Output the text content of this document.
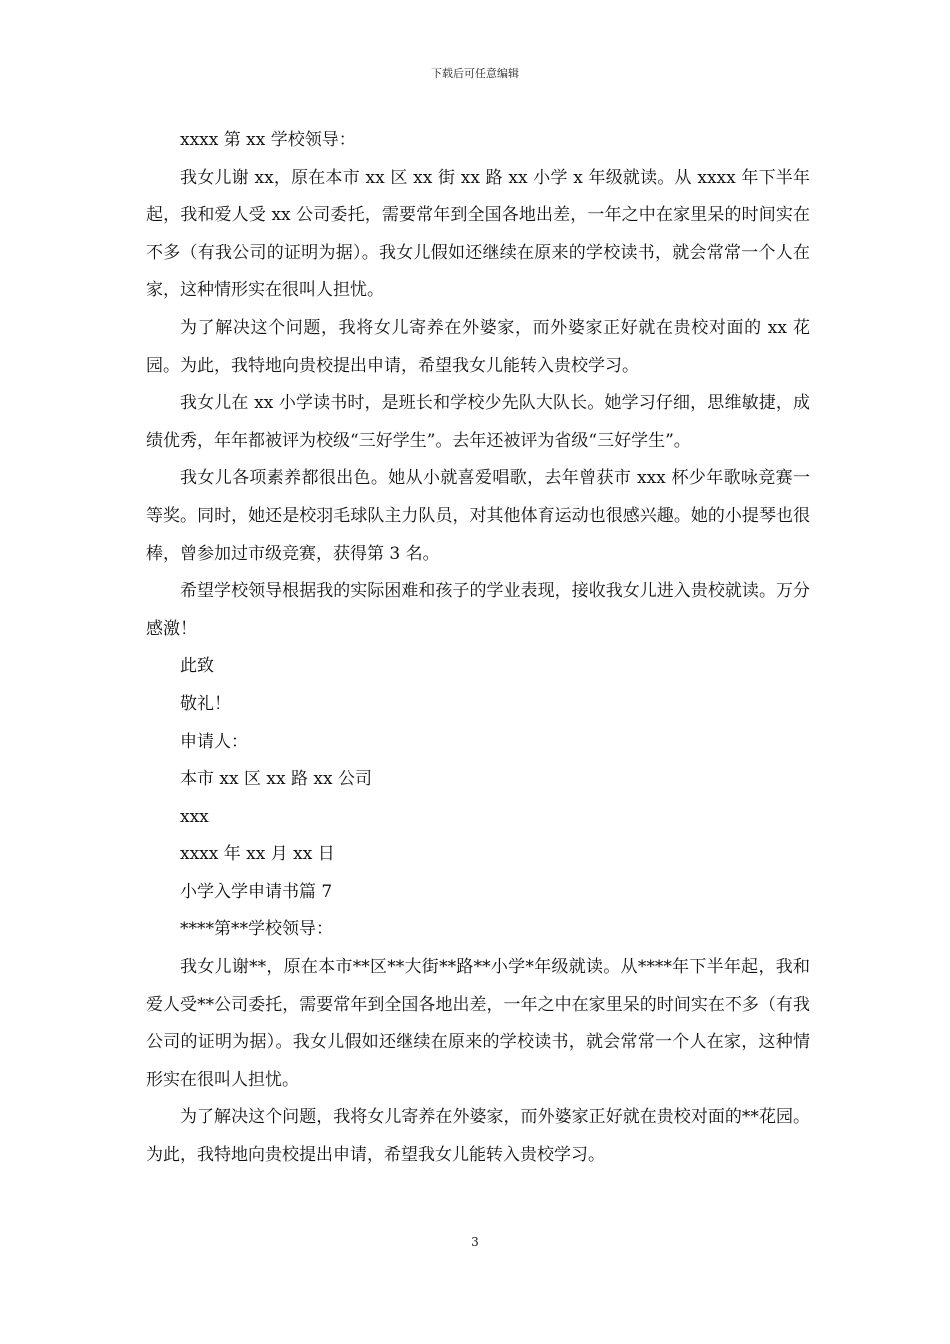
下载后可任意编辑

xxxx 第 xx 学校领导：

我女儿谢 xx，原在本市 xx 区 xx 街 xx 路 xx 小学 x 年级就读。从 xxxx 年下半年起，我和爱人受 xx 公司委托，需要常年到全国各地出差，一年之中在家里呆的时间实在不多（有我公司的证明为据）。我女儿假如还继续在原来的学校读书，就会常常一个人在家，这种情形实在很叫人担忧。

为了解决这个问题，我将女儿寄养在外婆家，而外婆家正好就在贵校对面的 xx 花园。为此，我特地向贵校提出申请，希望我女儿能转入贵校学习。

我女儿在 xx 小学读书时，是班长和学校少先队大队长。她学习仔细，思维敏捷，成绩优秀，年年都被评为校级“三好学生”。去年还被评为省级“三好学生”。

我女儿各项素养都很出色。她从小就喜爱唱歌，去年曾获市 xxx 杯少年歌咏竞赛一等奖。同时，她还是校羽毛球队主力队员，对其他体育运动也很感兴趣。她的小提琴也很棒，曾参加过市级竞赛，获得第 3 名。

希望学校领导根据我的实际困难和孩子的学业表现，接收我女儿进入贵校就读。万分感激！

此致

敬礼！

申请人：

本市 xx 区 xx 路 xx 公司

xxx

xxxx 年 xx 月 xx 日

小学入学申请书篇 7

****第**学校领导：

我女儿谢**，原在本市**区**大街**路**小学*年级就读。从****年下半年起，我和爱人受**公司委托，需要常年到全国各地出差，一年之中在家里呆的时间实在不多（有我公司的证明为据）。我女儿假如还继续在原来的学校读书，就会常常一个人在家，这种情形实在很叫人担忧。

为了解决这个问题，我将女儿寄养在外婆家，而外婆家正好就在贵校对面的**花园。为此，我特地向贵校提出申请，希望我女儿能转入贵校学习。

3
